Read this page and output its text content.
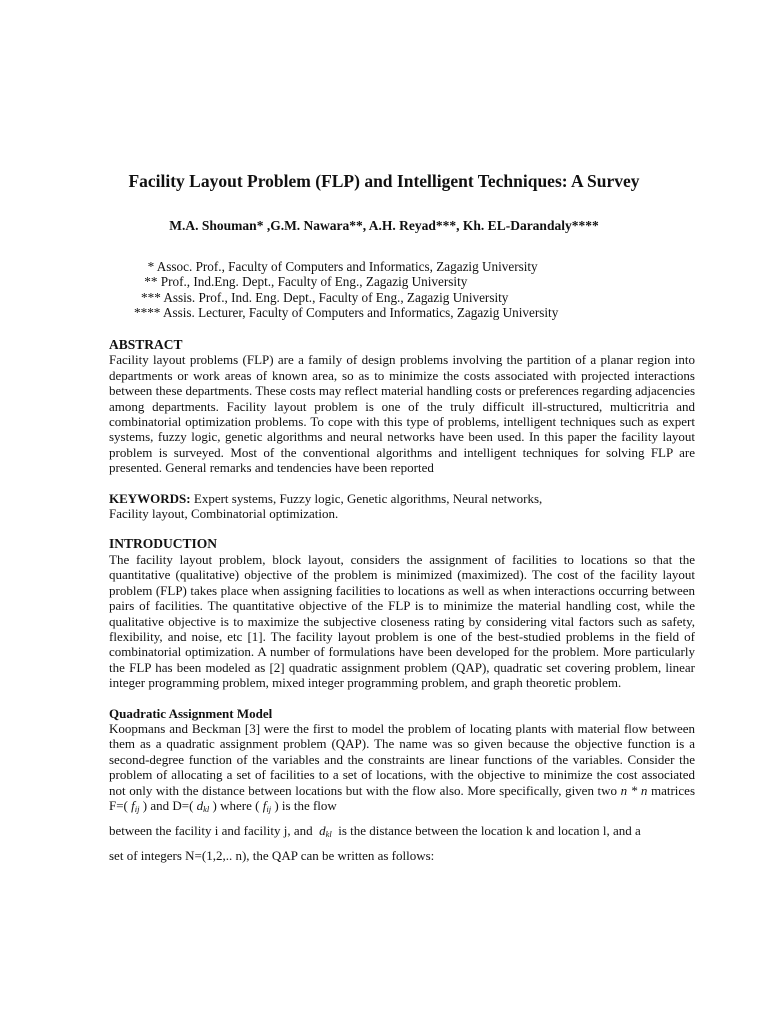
Facility Layout Problem (FLP) and Intelligent Techniques: A Survey
M.A. Shouman* ,G.M. Nawara**, A.H. Reyad***, Kh. EL-Darandaly****
* Assoc. Prof., Faculty of Computers and Informatics, Zagazig University
** Prof., Ind.Eng. Dept., Faculty of Eng., Zagazig University
*** Assis. Prof., Ind. Eng. Dept., Faculty of Eng., Zagazig University
**** Assis. Lecturer, Faculty of Computers and Informatics, Zagazig University
ABSTRACT

Facility layout problems (FLP) are a family of design problems involving the partition of a planar region into departments or work areas of known area, so as to minimize the costs associated with projected interactions between these departments. These costs may reflect material handling costs or preferences regarding adjacencies among departments. Facility layout problem is one of the truly difficult ill-structured, multicritria and combinatorial optimization problems. To cope with this type of problems, intelligent techniques such as expert systems, fuzzy logic, genetic algorithms and neural networks have been used. In this paper the facility layout problem is surveyed. Most of the conventional algorithms and intelligent techniques for solving FLP are presented. General remarks and tendencies have been reported

KEYWORDS: Expert systems, Fuzzy logic, Genetic algorithms, Neural networks,
Facility layout, Combinatorial optimization.
INTRODUCTION

The facility layout problem, block layout, considers the assignment of facilities to locations so that the quantitative (qualitative) objective of the problem is minimized (maximized). The cost of the facility layout problem (FLP) takes place when assigning facilities to locations as well as when interactions occurring between pairs of facilities. The quantitative objective of the FLP is to minimize the material handling cost, while the qualitative objective is to maximize the subjective closeness rating by considering vital factors such as safety, flexibility, and noise, etc [1]. The facility layout problem is one of the best-studied problems in the field of combinatorial optimization. A number of formulations have been developed for the problem. More particularly the FLP has been modeled as [2] quadratic assignment problem (QAP), quadratic set covering problem, linear integer programming problem, mixed integer programming problem, and graph theoretic problem.

Quadratic Assignment Model

Koopmans and Beckman [3] were the first to model the problem of locating plants with material flow between them as a quadratic assignment problem (QAP). The name was so given because the objective function is a second-degree function of the variables and the constraints are linear functions of the variables. Consider the problem of allocating a set of facilities to a set of locations, with the objective to minimize the cost associated not only with the distance between locations but with the flow also. More specifically, given two n * n matrices F=( fij ) and D=( dkl ) where ( fij ) is the flow

between the facility i and facility j, and dkl is the distance between the location k and location l, and a
set of integers N=(1,2,.. n), the QAP can be written as follows:
